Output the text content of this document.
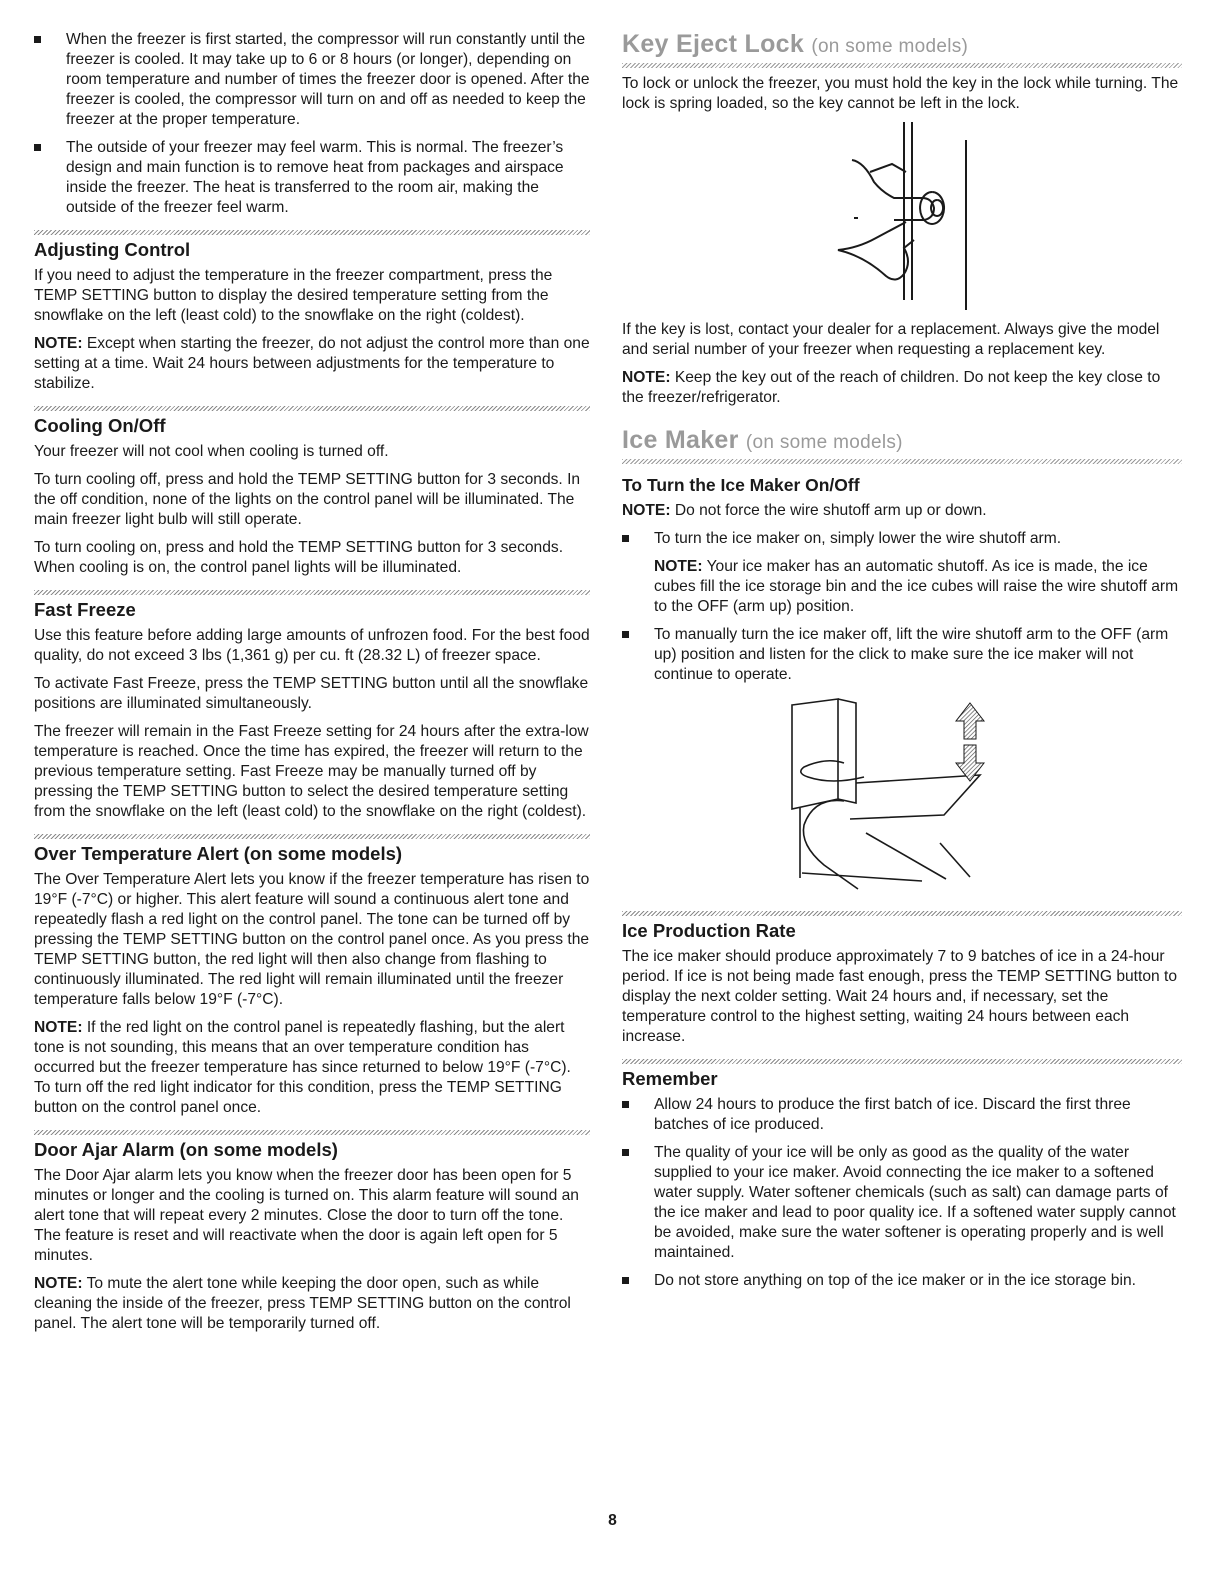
When the freezer is first started, the compressor will run constantly until the freezer is cooled. It may take up to 6 or 8 hours (or longer), depending on room temperature and number of times the freezer door is opened. After the freezer is cooled, the compressor will turn on and off as needed to keep the freezer at the proper temperature.
The outside of your freezer may feel warm. This is normal. The freezer’s design and main function is to remove heat from packages and airspace inside the freezer. The heat is transferred to the room air, making the outside of the freezer feel warm.
Adjusting Control

If you need to adjust the temperature in the freezer compartment, press the TEMP SETTING button to display the desired temperature setting from the snowflake on the left (least cold) to the snowflake on the right (coldest).

NOTE: Except when starting the freezer, do not adjust the control more than one setting at a time. Wait 24 hours between adjustments for the temperature to stabilize.

Cooling On/Off

Your freezer will not cool when cooling is turned off.

To turn cooling off, press and hold the TEMP SETTING button for 3 seconds. In the off condition, none of the lights on the control panel will be illuminated. The main freezer light bulb will still operate.

To turn cooling on, press and hold the TEMP SETTING button for 3 seconds. When cooling is on, the control panel lights will be illuminated.

Fast Freeze

Use this feature before adding large amounts of unfrozen food. For the best food quality, do not exceed 3 lbs (1,361 g) per cu. ft (28.32 L) of freezer space.

To activate Fast Freeze, press the TEMP SETTING button until all the snowflake positions are illuminated simultaneously.

The freezer will remain in the Fast Freeze setting for 24 hours after the extra-low temperature is reached. Once the time has expired, the freezer will return to the previous temperature setting. Fast Freeze may be manually turned off by pressing the TEMP SETTING button to select the desired temperature setting from the snowflake on the left (least cold) to the snowflake on the right (coldest).

Over Temperature Alert (on some models)

The Over Temperature Alert lets you know if the freezer temperature has risen to 19°F (-7°C) or higher. This alert feature will sound a continuous alert tone and repeatedly flash a red light on the control panel. The tone can be turned off by pressing the TEMP SETTING button on the control panel once. As you press the TEMP SETTING button, the red light will then also change from flashing to continuously illuminated. The red light will remain illuminated until the freezer temperature falls below 19°F (-7°C).

NOTE: If the red light on the control panel is repeatedly flashing, but the alert tone is not sounding, this means that an over temperature condition has occurred but the freezer temperature has since returned to below 19°F (-7°C). To turn off the red light indicator for this condition, press the TEMP SETTING button on the control panel once.

Door Ajar Alarm (on some models)

The Door Ajar alarm lets you know when the freezer door has been open for 5 minutes or longer and the cooling is turned on. This alarm feature will sound an alert tone that will repeat every 2 minutes. Close the door to turn off the tone. The feature is reset and will reactivate when the door is again left open for 5 minutes.

NOTE: To mute the alert tone while keeping the door open, such as while cleaning the inside of the freezer, press TEMP SETTING button on the control panel. The alert tone will be temporarily turned off.

Key Eject Lock (on some models)

To lock or unlock the freezer, you must hold the key in the lock while turning. The lock is spring loaded, so the key cannot be left in the lock.

If the key is lost, contact your dealer for a replacement. Always give the model and serial number of your freezer when requesting a replacement key.

NOTE: Keep the key out of the reach of children. Do not keep the key close to the freezer/refrigerator.

Ice Maker (on some models)
To Turn the Ice Maker On/Off

NOTE: Do not force the wire shutoff arm up or down.

To turn the ice maker on, simply lower the wire shutoff arm.

NOTE: Your ice maker has an automatic shutoff. As ice is made, the ice cubes fill the ice storage bin and the ice cubes will raise the wire shutoff arm to the OFF (arm up) position.

To manually turn the ice maker off, lift the wire shutoff arm to the OFF (arm up) position and listen for the click to make sure the ice maker will not continue to operate.
Ice Production Rate

The ice maker should produce approximately 7 to 9 batches of ice in a 24-hour period. If ice is not being made fast enough, press the TEMP SETTING button to display the next colder setting. Wait 24 hours and, if necessary, set the temperature control to the highest setting, waiting 24 hours between each increase.

Remember
Allow 24 hours to produce the first batch of ice. Discard the first three batches of ice produced.
The quality of your ice will be only as good as the quality of the water supplied to your ice maker. Avoid connecting the ice maker to a softened water supply. Water softener chemicals (such as salt) can damage parts of the ice maker and lead to poor quality ice. If a softened water supply cannot be avoided, make sure the water softener is operating properly and is well maintained.
Do not store anything on top of the ice maker or in the ice storage bin.
8
